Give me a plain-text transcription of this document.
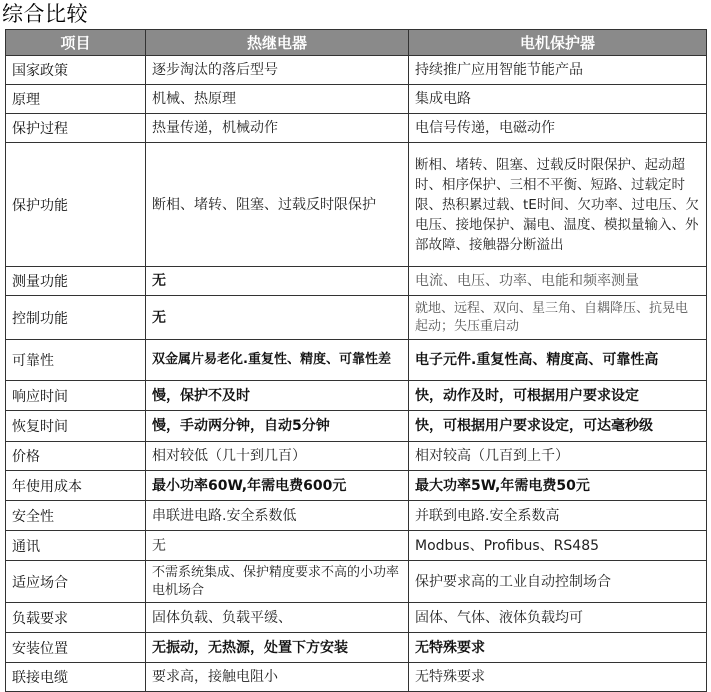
综合比较
项目	热继电器	电机保护器
国家政策	逐步淘汰的落后型号	持续推广应用智能节能产品
原理	机械、热原理	集成电路
保护过程	热量传递，机械动作	电信号传递，电磁动作
保护功能	断相、堵转、阻塞、过载反时限保护	断相、堵转、阻塞、过载反时限保护、起动超时、相序保护、三相不平衡、短路、过载定时限、热积累过载、tE时间、欠功率、过电压、欠电压、接地保护、漏电、温度、模拟量输入、外部故障、接触器分断溢出
测量功能	无	电流、电压、功率、电能和频率测量
控制功能	无	就地、远程、双向、星三角、自耦降压、抗晃电起动；失压重启动
可靠性	双金属片易老化.重复性、精度、可靠性差	电子元件.重复性高、精度高、可靠性高
响应时间	慢，保护不及时	快，动作及时，可根据用户要求设定
恢复时间	慢，手动两分钟，自动5分钟	快，可根据用户要求设定，可达毫秒级
价格	相对较低（几十到几百）	相对较高（几百到上千）
年使用成本	最小功率60W,年需电费600元	最大功率5W,年需电费50元
安全性	串联进电路.安全系数低	并联到电路.安全系数高
通讯	无	Modbus、Profibus、RS485
适应场合	不需系统集成、保护精度要求不高的小功率电机场合	保护要求高的工业自动控制场合
负载要求	固体负载、负载平缓、	固体、气体、液体负载均可
安装位置	无振动，无热源，处置下方安装	无特殊要求
联接电缆	要求高，接触电阻小	无特殊要求
